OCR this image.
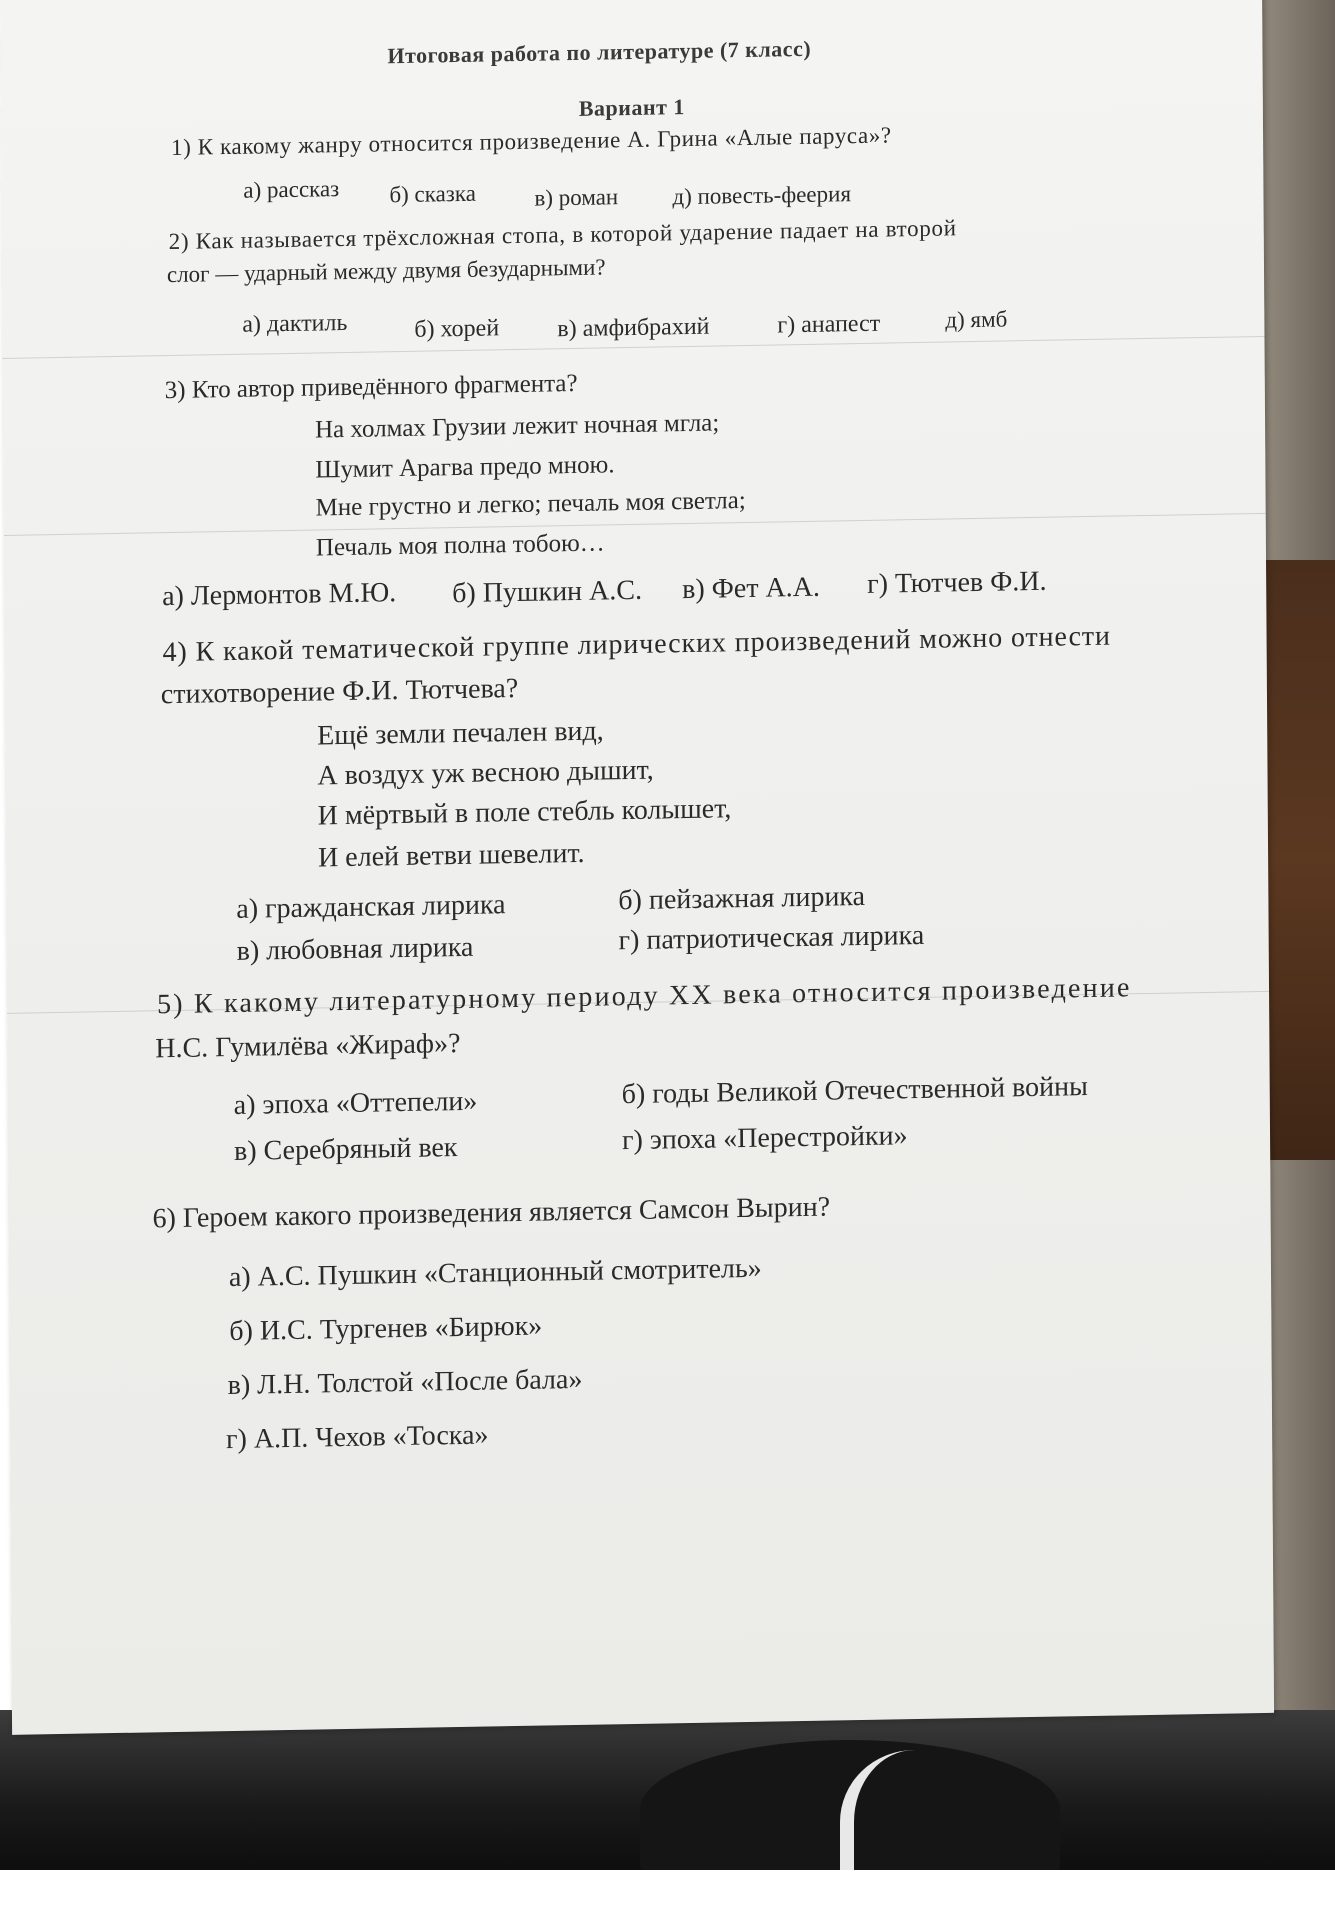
Итоговая работа по литературе (7 класс)
Вариант 1
1) К какому жанру относится произведение А. Грина «Алые паруса»?
а) рассказ б) сказка	в) роман д) повесть-феерия
2) Как называется трёхсложная стопа, в которой ударение падает на второй
слог — ударный между двумя безударными?
а) дактиль	б) хорей в) амфибрахий	г) анапест	д) ямб
3) Кто автор приведённого фрагмента?
На холмах Грузии лежит ночная мгла;
Шумит Арагва предо мною.
Мне грустно и легко; печаль моя светла;
Печаль моя полна тобою…
а) Лермонтов М.Ю. б) Пушкин А.С. в) Фет А.А. г) Тютчев Ф.И.
4) К какой тематической группе лирических произведений можно отнести
стихотворение Ф.И. Тютчева?
Ещё земли печален вид,
А воздух уж весною дышит,
И мёртвый в поле стебль колышет,
И елей ветви шевелит.
а) гражданская лирика	б) пейзажная лирика
в) любовная лирика	г) патриотическая лирика
5) К какому литературному периоду XX века относится произведение
Н.С. Гумилёва «Жираф»?
а) эпоха «Оттепели»	б) годы Великой Отечественной войны
в) Серебряный век	г) эпоха «Перестройки»
6) Героем какого произведения является Самсон Вырин?
а) А.С. Пушкин «Станционный смотритель»
б) И.С. Тургенев «Бирюк»
в) Л.Н. Толстой «После бала»
г) А.П. Чехов «Тоска»
